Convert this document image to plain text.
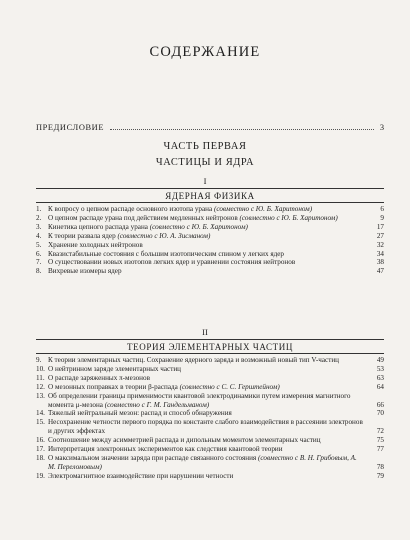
СОДЕРЖАНИЕ
ПРЕДИСЛОВИЕ	3
ЧАСТЬ ПЕРВАЯ
ЧАСТИЦЫ И ЯДРА
I
ЯДЕРНАЯ ФИЗИКА
1. К вопросу о цепном распаде основного изотопа урана (совместно с Ю. Б. Харитоном)	6
2. О цепном распаде урана под действием медленных нейтронов (совместно с Ю. Б. Харитоном)	9
3. Кинетика цепного распада урана (совместно с Ю. Б. Харитоном)	17
4. К теории развала ядер (совместно с Ю. А. Зисманом)	27
5. Хранение холодных нейтронов	32
6. Квазистабильные состояния с большим изотопическим спином у легких ядер	34
7. О существовании новых изотопов легких ядер и уравнении состояния нейтронов	38
8. Вихревые изомеры ядер	47
II
ТЕОРИЯ ЭЛЕМЕНТАРНЫХ ЧАСТИЦ
9. К теории элементарных частиц. Сохранение ядерного заряда и возможный новый тип V-частиц	49
10. О нейтринном заряде элементарных частиц	53
11. О распаде заряженных π-мезонов	63
12. О мезонных поправках в теории β-распада (совместно с С. С. Герштейном)	64
13. Об определении границы применимости квантовой электродинамики путем измерения магнитного момента μ-мезона (совместно с Г. М. Гандельманом)	66
14. Тяжелый нейтральный мезон: распад и способ обнаружения	70
15. Несохранение четности первого порядка по константе слабого взаимодействия в рассеянии электронов и других эффектах	72
16. Соотношение между асимметрией распада и дипольным моментом элементарных частиц	75
17. Интерпретация электронных экспериментов как следствия квантовой теории	77
18. О максимальном значении заряда при распаде связанного состояния (совместно с В. Н. Грибовым, А. М. Переломовым)	78
19. Электромагнитное взаимодействие при нарушении четности	79
